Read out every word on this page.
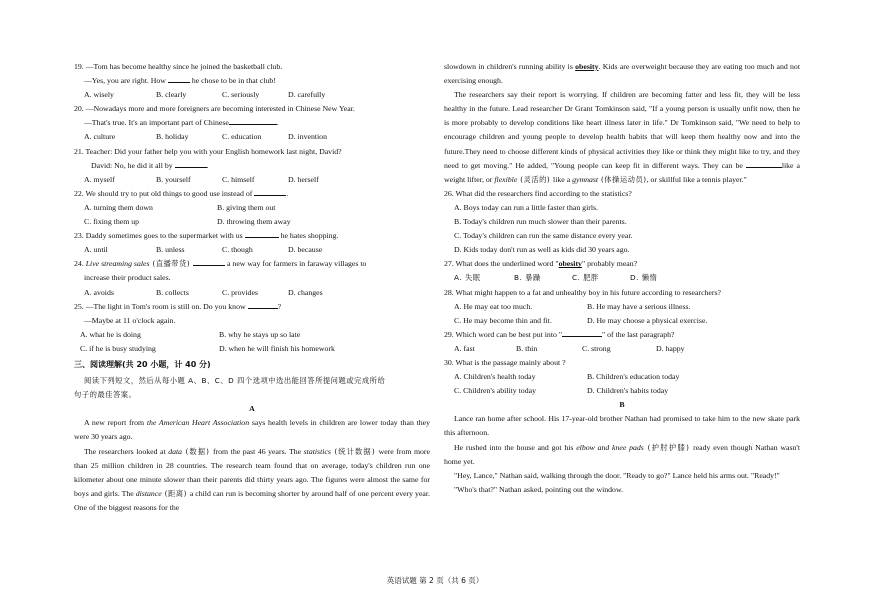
19. —Tom has become healthy since he joined the basketball club.
—Yes, you are right. How	he chose to be in that club!
A. wisely	B. clearly	C. seriously	D. carefully
20. —Nowadays more and more foreigners are becoming interested in Chinese New Year.
—That's true. It's an important part of Chinese	.
A. culture	B. holiday	C. education	D. invention
21. Teacher: Did your father help you with your English homework last night, David?
David: No, he did it all by	.
A. myself	B. yourself	C. himself	D. herself
22. We should try to put old things to good use instead of	.
A. turning them down	B. giving them out
C. fixing them up	D. throwing them away
23. Daddy sometimes goes to the supermarket with us	he hates shopping.
A. until	B. unless	C. though	D. because
24. Live streaming sales (直播带货)	a new way for farmers in faraway villages to
increase their product sales.
A. avoids	B. collects	C. provides	D. changes
25. —The light in Tom's room is still on. Do you know	?
—Maybe at 11 o'clock again.
A. what he is doing	B. why he stays up so late
C. if he is busy studying	D. when he will finish his homework
三、阅读理解(共 20 小题，计 40 分)
阅读下列短文，然后从每小题 A、B、C、D 四个选项中选出能回答所提问题或完成所给
句子的最佳答案。
A
A new report from the American Heart Association says health levels in children are lower today than they were 30 years ago.
The researchers looked at data (数据) from the past 46 years. The statistics (统计数据) were from more than 25 million children in 28 countries. The research team found that on average, today's children run one kilometer about one minute slower than their parents did thirty years ago. The figures were almost the same for boys and girls. The distance (距离) a child can run is becoming shorter by around half of one percent every year. One of the biggest reasons for the
slowdown in children's running ability is obesity. Kids are overweight because they are eating too much and not exercising enough.
The researchers say their report is worrying. If children are becoming fatter and less fit, they will be less healthy in the future. Lead researcher Dr Grant Tomkinson said, "If a young person is usually unfit now, then he is more probably to develop conditions like heart illness later in life." Dr Tomkinson said, "We need to help to encourage children and young people to develop health habits that will keep them healthy now and into the future.They need to choose different kinds of physical activities they like or think they might like to try, and they need to get moving." He added, "Young people can keep fit in different ways. They can be	like a weight lifter, or flexible (灵活的) like a gymnast (体操运动员), or skillful like a tennis player."
26. What did the researchers find according to the statistics?
A. Boys today can run a little faster than girls.
B. Today's children run much slower than their parents.
C. Today's children can run the same distance every year.
D. Kids today don't run as well as kids did 30 years ago.
27. What does the underlined word "obesity" probably mean?
A. 失眠	B. 暴躁	C. 肥胖	D. 懒惰
28. What might happen to a fat and unhealthy boy in his future according to researchers?
A. He may eat too much.	B. He may have a serious illness.
C. He may become thin and fit.	D. He may choose a physical exercise.
29. Which word can be best put into "	" of the last paragraph?
A. fast	B. thin	C. strong	D. happy
30. What is the passage mainly about ?
A. Children's health today	B. Children's education today
C. Children's ability today	D. Children's habits today
B
Lance ran home after school. His 17-year-old brother Nathan had promised to take him to the new skate park this afternoon.
He rushed into the house and got his elbow and knee pads (护肘护膝) ready even though Nathan wasn't home yet.
"Hey, Lance," Nathan said, walking through the door. "Ready to go?" Lance held his arms out. "Ready!"
"Who's that?" Nathan asked, pointing out the window.
英语试题 第 2 页（共 6 页）
